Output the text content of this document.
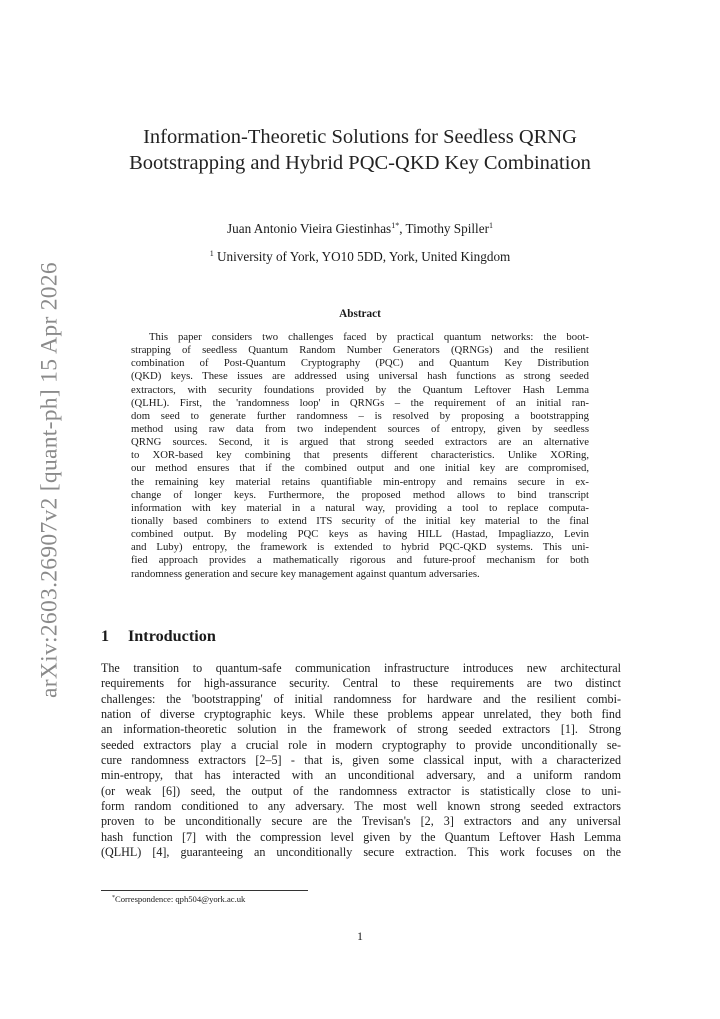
arXiv:2603.26907v2 [quant-ph] 15 Apr 2026
Information-Theoretic Solutions for Seedless QRNG
Bootstrapping and Hybrid PQC-QKD Key Combination
Juan Antonio Vieira Giestinhas$^{1*}$, Timothy Spiller$^1$
$^1$ University of York, YO10 5DD, York, United Kingdom
Abstract
This paper considers two challenges faced by practical quantum networks: the boot-
strapping of seedless Quantum Random Number Generators (QRNGs) and the resilient
combination of Post-Quantum Cryptography (PQC) and Quantum Key Distribution
(QKD) keys. These issues are addressed using universal hash functions as strong seeded
extractors, with security foundations provided by the Quantum Leftover Hash Lemma
(QLHL). First, the 'randomness loop' in QRNGs – the requirement of an initial ran-
dom seed to generate further randomness – is resolved by proposing a bootstrapping
method using raw data from two independent sources of entropy, given by seedless
QRNG sources. Second, it is argued that strong seeded extractors are an alternative
to XOR-based key combining that presents different characteristics. Unlike XORing,
our method ensures that if the combined output and one initial key are compromised,
the remaining key material retains quantifiable min-entropy and remains secure in ex-
change of longer keys. Furthermore, the proposed method allows to bind transcript
information with key material in a natural way, providing a tool to replace computa-
tionally based combiners to extend ITS security of the initial key material to the final
combined output. By modeling PQC keys as having HILL (Hastad, Impagliazzo, Levin
and Luby) entropy, the framework is extended to hybrid PQC-QKD systems. This uni-
fied approach provides a mathematically rigorous and future-proof mechanism for both
randomness generation and secure key management against quantum adversaries.
1 Introduction
The transition to quantum-safe communication infrastructure introduces new architectural
requirements for high-assurance security. Central to these requirements are two distinct
challenges: the 'bootstrapping' of initial randomness for hardware and the resilient combi-
nation of diverse cryptographic keys. While these problems appear unrelated, they both find
an information-theoretic solution in the framework of strong seeded extractors [1]. Strong
seeded extractors play a crucial role in modern cryptography to provide unconditionally se-
cure randomness extractors [2–5] - that is, given some classical input, with a characterized
min-entropy, that has interacted with an unconditional adversary, and a uniform random
(or weak [6]) seed, the output of the randomness extractor is statistically close to uni-
form random conditioned to any adversary. The most well known strong seeded extractors
proven to be unconditionally secure are the Trevisan's [2, 3] extractors and any universal
hash function [7] with the compression level given by the Quantum Leftover Hash Lemma
(QLHL) [4], guaranteeing an unconditionally secure extraction. This work focuses on the
*Correspondence: qph504@york.ac.uk
1
